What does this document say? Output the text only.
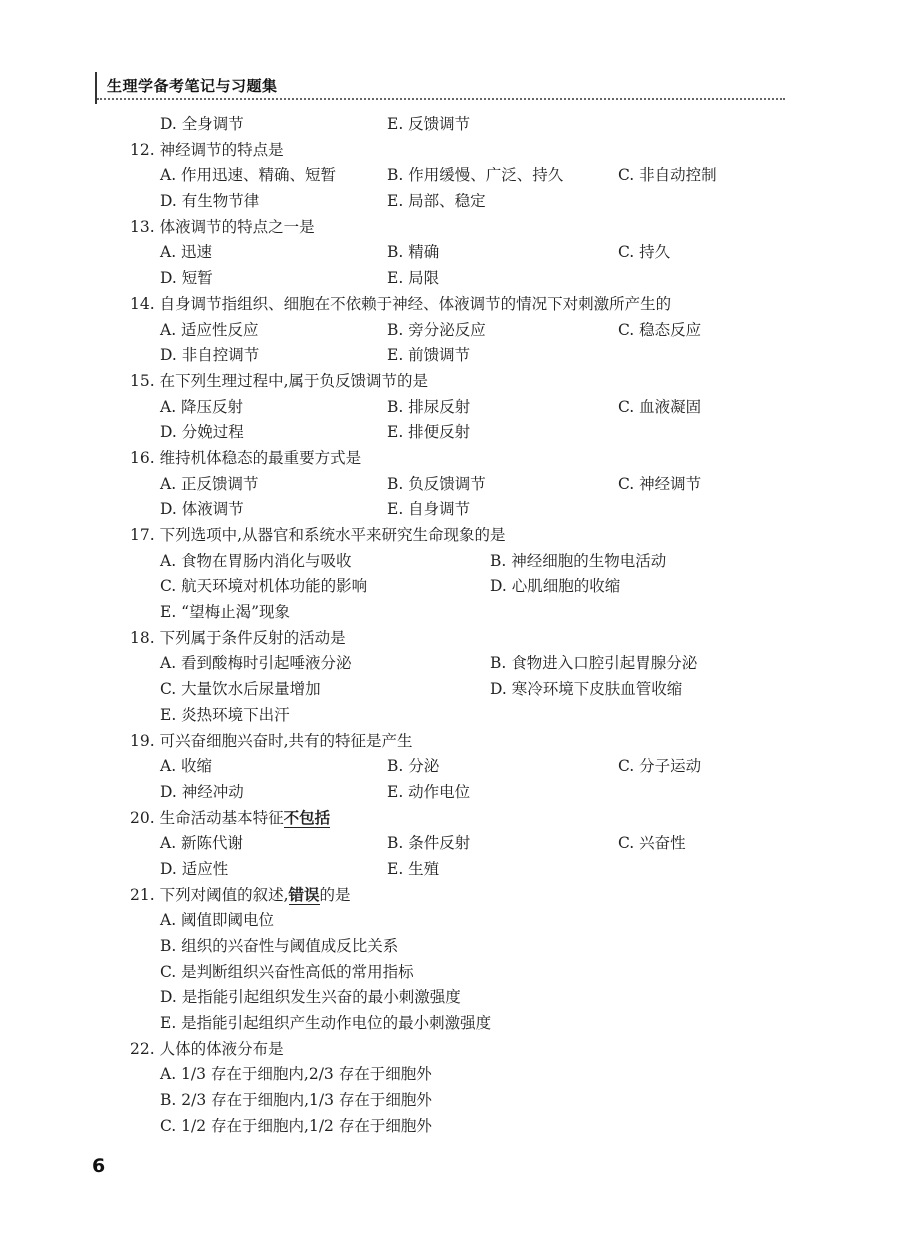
生理学备考笔记与习题集
D. 全身调节	E. 反馈调节
12. 神经调节的特点是
A. 作用迅速、精确、短暂	B. 作用缓慢、广泛、持久	C. 非自动控制
D. 有生物节律	E. 局部、稳定
13. 体液调节的特点之一是
A. 迅速	B. 精确	C. 持久
D. 短暂	E. 局限
14. 自身调节指组织、细胞在不依赖于神经、体液调节的情况下对刺激所产生的
A. 适应性反应	B. 旁分泌反应	C. 稳态反应
D. 非自控调节	E. 前馈调节
15. 在下列生理过程中,属于负反馈调节的是
A. 降压反射	B. 排尿反射	C. 血液凝固
D. 分娩过程	E. 排便反射
16. 维持机体稳态的最重要方式是
A. 正反馈调节	B. 负反馈调节	C. 神经调节
D. 体液调节	E. 自身调节
17. 下列选项中,从器官和系统水平来研究生命现象的是
A. 食物在胃肠内消化与吸收	B. 神经细胞的生物电活动
C. 航天环境对机体功能的影响	D. 心肌细胞的收缩
E. “望梅止渴”现象
18. 下列属于条件反射的活动是
A. 看到酸梅时引起唾液分泌	B. 食物进入口腔引起胃腺分泌
C. 大量饮水后尿量增加	D. 寒冷环境下皮肤血管收缩
E. 炎热环境下出汗
19. 可兴奋细胞兴奋时,共有的特征是产生
A. 收缩	B. 分泌	C. 分子运动
D. 神经冲动	E. 动作电位
20. 生命活动基本特征不包括
A. 新陈代谢	B. 条件反射	C. 兴奋性
D. 适应性	E. 生殖
21. 下列对阈值的叙述,错误的是
A. 阈值即阈电位
B. 组织的兴奋性与阈值成反比关系
C. 是判断组织兴奋性高低的常用指标
D. 是指能引起组织发生兴奋的最小刺激强度
E. 是指能引起组织产生动作电位的最小刺激强度
22. 人体的体液分布是
A. 1/3 存在于细胞内,2/3 存在于细胞外
B. 2/3 存在于细胞内,1/3 存在于细胞外
C. 1/2 存在于细胞内,1/2 存在于细胞外
6
